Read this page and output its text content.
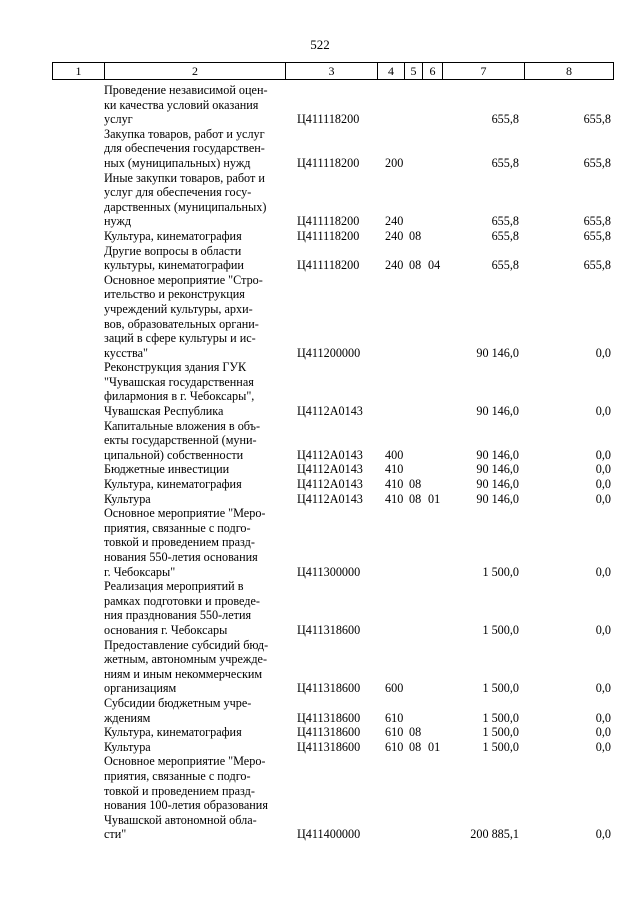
522
1	2	3	4	5	6	7	8
Проведение независимой оцен-
ки качества условий оказания
услуг	Ц411118200	655,8	655,8
Закупка товаров, работ и услуг
для обеспечения государствен-
ных (муниципальных) нужд	Ц411118200 200	655,8	655,8
Иные закупки товаров, работ и
услуг для обеспечения госу-
дарственных (муниципальных)
нужд	Ц411118200 240	655,8	655,8
Культура, кинематография	Ц411118200 240 08	655,8	655,8
Другие вопросы в области
культуры, кинематографии	Ц411118200 240 08 04	655,8	655,8
Основное мероприятие "Стро-
ительство и реконструкция
учреждений культуры, архи-
вов, образовательных органи-
заций в сфере культуры и ис-
кусства"	Ц411200000	90 146,0	0,0
Реконструкция здания ГУК
"Чувашская государственная
филармония в г. Чебоксары",
Чувашская Республика	Ц4112А0143	90 146,0	0,0
Капитальные вложения в объ-
екты государственной (муни-
ципальной) собственности	Ц4112А0143 400	90 146,0	0,0
Бюджетные инвестиции	Ц4112А0143 410	90 146,0	0,0
Культура, кинематография	Ц4112А0143 410 08	90 146,0	0,0
Культура	Ц4112А0143 410 08 01	90 146,0	0,0
Основное мероприятие "Меро-
приятия, связанные с подго-
товкой и проведением празд-
нования 550-летия основания
г. Чебоксары"	Ц411300000	1 500,0	0,0
Реализация мероприятий в
рамках подготовки и проведе-
ния празднования 550-летия
основания г. Чебоксары	Ц411318600	1 500,0	0,0
Предоставление субсидий бюд-
жетным, автономным учрежде-
ниям и иным некоммерческим
организациям	Ц411318600 600	1 500,0	0,0
Субсидии бюджетным учре-
ждениям	Ц411318600 610	1 500,0	0,0
Культура, кинематография	Ц411318600 610 08	1 500,0	0,0
Культура	Ц411318600 610 08 01	1 500,0	0,0
Основное мероприятие "Меро-
приятия, связанные с подго-
товкой и проведением празд-
нования 100-летия образования
Чувашской автономной обла-
сти"	Ц411400000	200 885,1	0,0
